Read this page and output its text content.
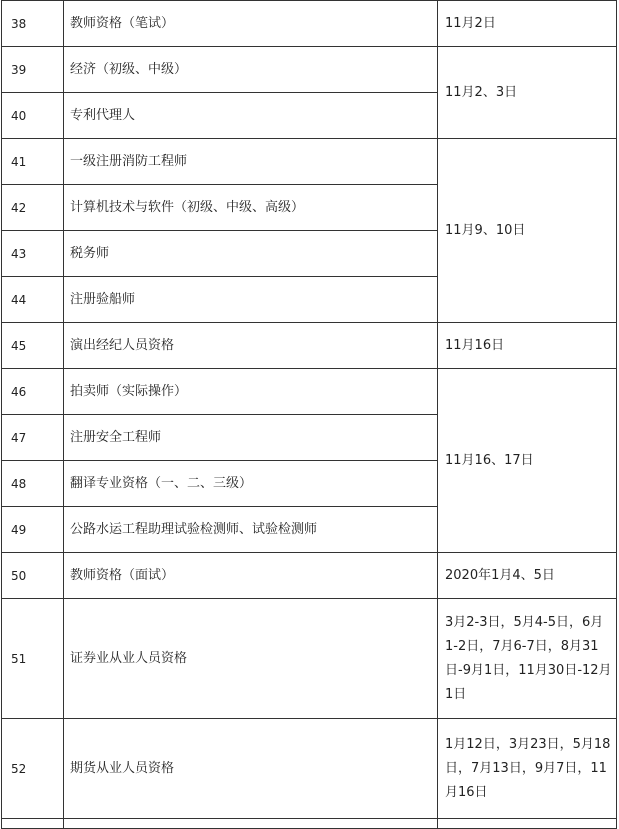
38	教师资格（笔试）	11月2日
39	经济（初级、中级）	11月2、3日
40	专利代理人	
41	一级注册消防工程师	11月9、10日
42	计算机技术与软件（初级、中级、高级）	
43	税务师	
44	注册验船师	
45	演出经纪人员资格	11月16日
46	拍卖师（实际操作）	11月16、17日
47	注册安全工程师	
48	翻译专业资格（一、二、三级）	
49	公路水运工程助理试验检测师、试验检测师	
50	教师资格（面试）	2020年1月4、5日
51	证券业从业人员资格	3月2-3日，5月4-5日，6月1-2日，7月6-7日，8月31日-9月1日，11月30日-12月1日
52	期货从业人员资格	1月12日，3月23日，5月18日，7月13日，9月7日，11月16日
